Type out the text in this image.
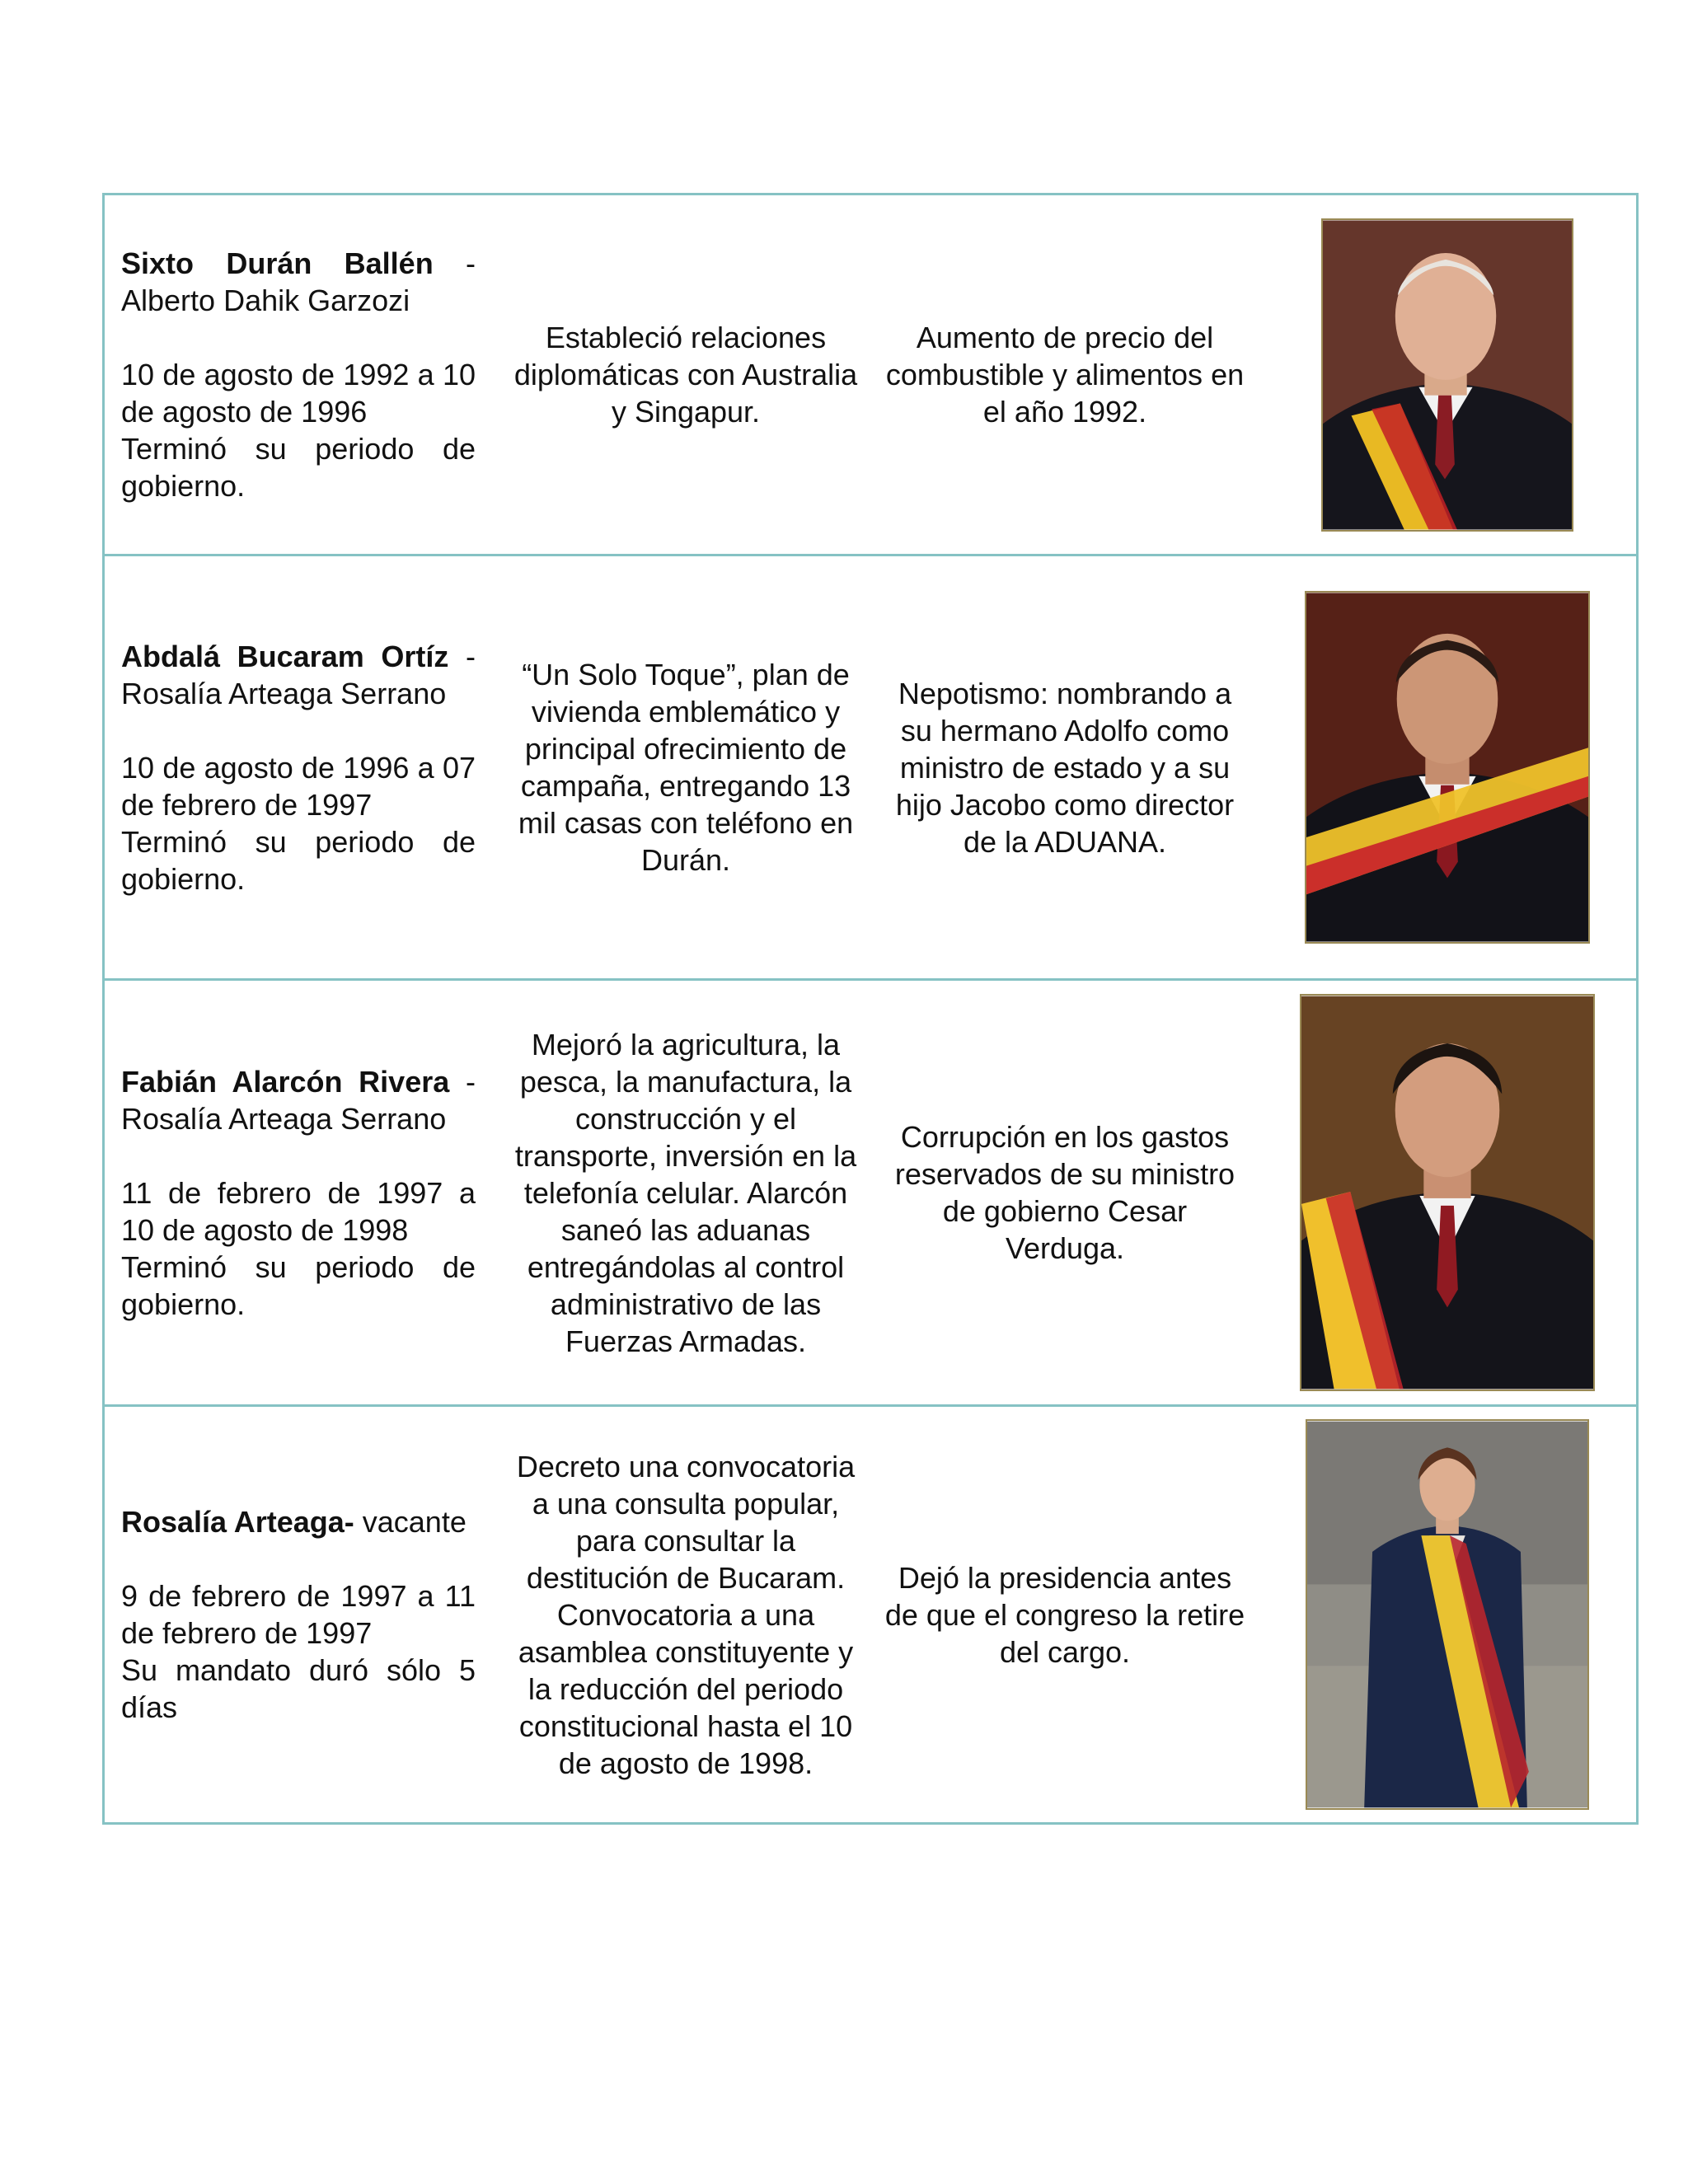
Sixto Durán Ballén - Alberto Dahik Garzozi
10 de agosto de 1992 a 10 de agosto de 1996
Terminó su periodo de gobierno.
Estableció relaciones diplomáticas con Australia y Singapur.
Aumento de precio del combustible y alimentos en el año 1992.
Abdalá Bucaram Ortíz - Rosalía Arteaga Serrano
10 de agosto de 1996 a 07 de febrero de 1997
Terminó su periodo de gobierno.
“Un Solo Toque”, plan de vivienda emblemático y principal ofrecimiento de campaña, entregando 13 mil casas con teléfono en Durán.
Nepotismo: nombrando a su hermano Adolfo como ministro de estado y a su hijo Jacobo como director de la ADUANA.
Fabián Alarcón Rivera - Rosalía Arteaga Serrano
11 de febrero de 1997 a 10 de agosto de 1998
Terminó su periodo de gobierno.
Mejoró la agricultura, la pesca, la manufactura, la construcción y el transporte, inversión en la telefonía celular. Alarcón saneó las aduanas entregándolas al control administrativo de las Fuerzas Armadas.
Corrupción en los gastos reservados de su ministro de gobierno Cesar Verduga.
Rosalía Arteaga- vacante
9 de febrero de 1997 a 11 de febrero de 1997
Su mandato duró sólo 5 días
Decreto una convocatoria a una consulta popular, para consultar la destitución de Bucaram. Convocatoria a una asamblea constituyente y la reducción del periodo constitucional hasta el 10 de agosto de 1998.
Dejó la presidencia antes de que el congreso la retire del cargo.
